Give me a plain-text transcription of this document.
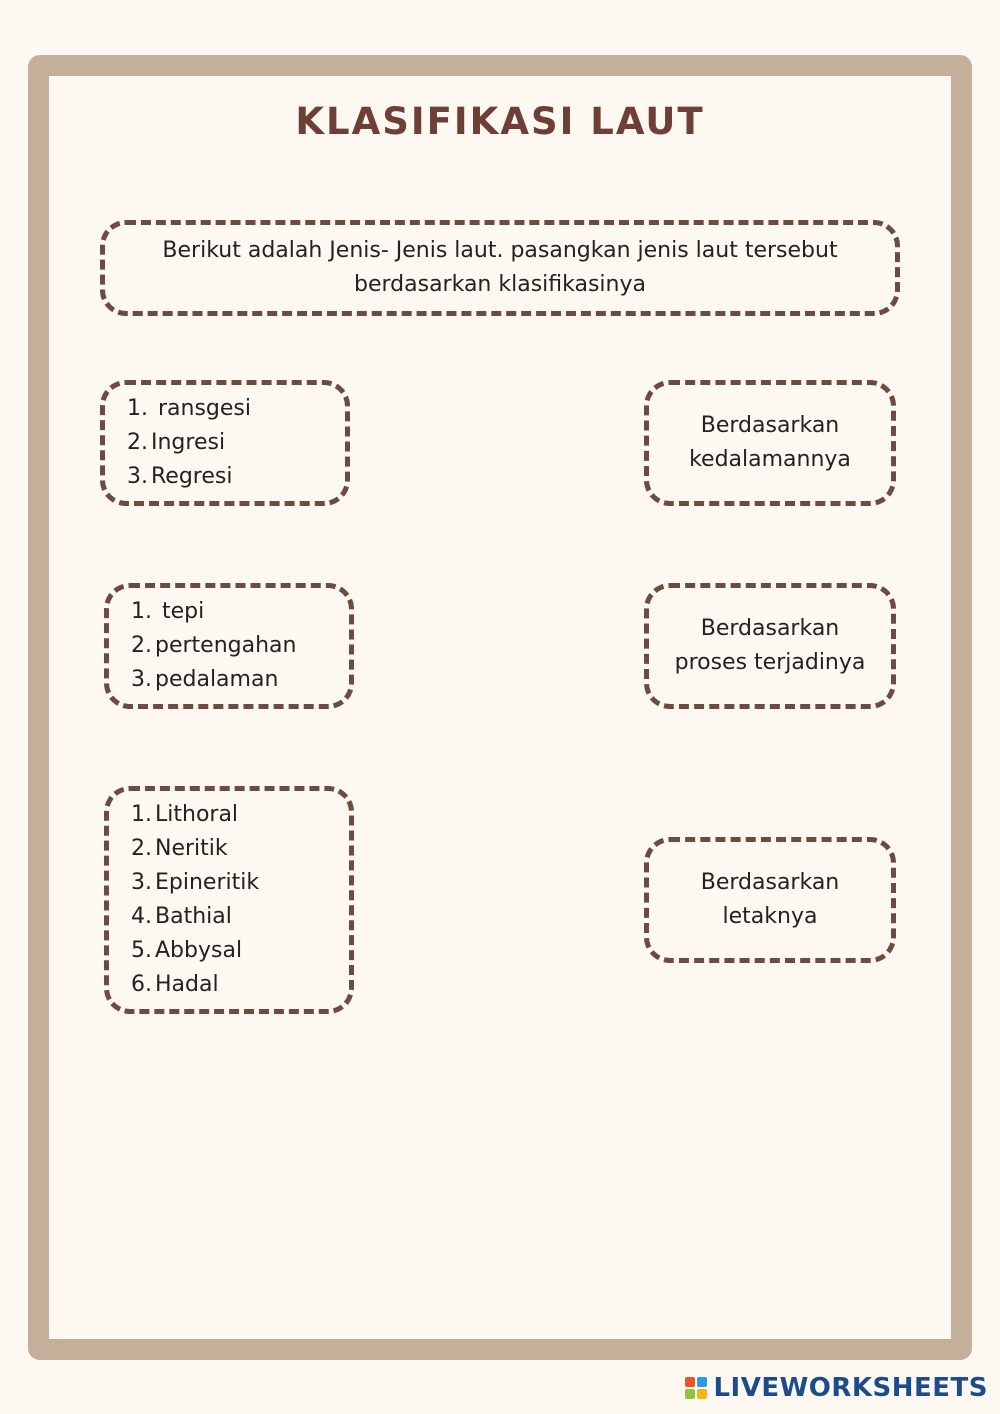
KLASIFIKASI LAUT
Berikut adalah Jenis- Jenis laut. pasangkan jenis laut tersebut berdasarkan klasifikasinya
1. ransgesi
2. Ingresi
3. Regresi
1. tepi
2. pertengahan
3. pedalaman
1. Lithoral
2. Neritik
3. Epineritik
4. Bathial
5. Abbysal
6. Hadal
Berdasarkan kedalamannya
Berdasarkan proses terjadinya
Berdasarkan letaknya
LIVEWORKSHEETS
